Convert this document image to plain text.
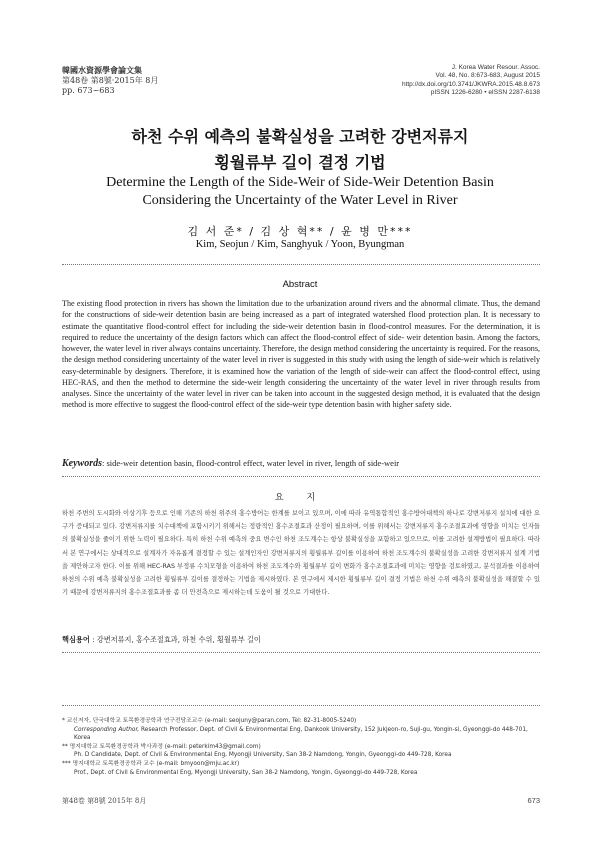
韓國水資源學會論文集
第48卷 第8號·2015年 8月
pp. 673~683
J. Korea Water Resour. Assoc.
Vol. 48, No. 8:673-683, August 2015
http://dx.doi.org/10.3741/JKWRA.2015.48.8.673
pISSN 1226-6280 • eISSN 2287-6138
하천 수위 예측의 불확실성을 고려한 강변저류지
횡월류부 길이 결정 기법
Determine the Length of the Side-Weir of Side-Weir Detention Basin
Considering the Uncertainty of the Water Level in River
김 서 준* / 김 상 혁** / 윤 병 만***
Kim, Seojun / Kim, Sanghyuk / Yoon, Byungman
Abstract
The existing flood protection in rivers has shown the limitation due to the urbanization around rivers and the abnormal climate. Thus, the demand for the constructions of side-weir detention basin are being increased as a part of integrated watershed flood protection plan. It is necessary to estimate the quantitative flood-control effect for including the side-weir detention basin in flood-control measures. For the determination, it is required to reduce the uncertainty of the design factors which can affect the flood-control effect of side- weir detention basin. Among the factors, however, the water level in river always contains uncertainty. Therefore, the design method considering the uncertainty is required. For the reasons, the design method considering uncertainty of the water level in river is suggested in this study with using the length of side-weir which is relatively easy-determinable by designers. Therefore, it is examined how the variation of the length of side-weir can affect the flood-control effect, using HEC-RAS, and then the method to determine the side-weir length considering the uncertainty of the water level in river through results from analyses. Since the uncertainty of the water level in river can be taken into account in the suggested design method, it is evaluated that the design method is more effective to suggest the flood-control effect of the side-weir type detention basin with higher safety side.
Keywords: side-weir detention basin, flood-control effect, water level in river, length of side-weir
요 지
하천 주변의 도시화와 이상기후 등으로 인해 기존의 하천 위주의 홍수방어는 한계를 보이고 있으며, 이에 따라 유역통합적인 홍수방어대책의 하나로 강변저류지 설치에 대한 요구가 증대되고 있다. 강변저류지를 치수대책에 포함시키기 위해서는 정량적인 홍수조절효과 산정이 필요하며, 이를 위해서는 강변저류지 홍수조절효과에 영향을 미치는 인자들의 불확실성을 줄이기 위한 노력이 필요하다. 특히 하천 수위 예측의 중요 변수인 하천 조도계수는 항상 불확실성을 포함하고 있으므로, 이를 고려한 설계방법이 필요하다. 따라서 본 연구에서는 상대적으로 설계자가 자유롭게 결정할 수 있는 설계인자인 강변저류지의 횡월류부 길이를 이용하여 하천 조도계수의 불확실성을 고려한 강변저류지 설계 기법을 제안하고자 한다. 이를 위해 HEC-RAS 부정류 수치모형을 이용하여 하천 조도계수와 횡월류부 길이 변화가 홍수조절효과에 미치는 영향을 검토하였고, 분석결과를 이용하여 하천의 수위 예측 불확실성을 고려한 횡월류부 길이를 결정하는 기법을 제시하였다. 본 연구에서 제시한 횡월류부 길이 결정 기법은 하천 수위 예측의 불확실성을 해결할 수 있기 때문에 강변저류지의 홍수조절효과를 좀 더 안전측으로 제시하는데 도움이 될 것으로 기대한다.
핵심용어 : 강변저류지, 홍수조절효과, 하천 수위, 횡월류부 길이
* 교신저자, 단국대학교 토목환경공학과 연구전담조교수 (e-mail: seojuny@paran.com, Tel: 82-31-8005-5240)
Corresponding Author, Research Professor, Dept. of Civil & Environmental Eng, Dankook University, 152 Jukjeon-ro, Suji-gu, Yongin-si, Gyeonggi-do 448-701, Korea
** 명지대학교 토목환경공학과 박사과정 (e-mail: peterkim43@gmail.com)
Ph. D Candidate, Dept. of Civil & Environmental Eng, Myongji University, San 38-2 Namdong, Yongin, Gyeonggi-do 449-728, Korea
*** 명지대학교 토목환경공학과 교수 (e-mail: bmyoon@mju.ac.kr)
Prof., Dept. of Civil & Environmental Eng, Myongji University, San 38-2 Namdong, Yongin, Gyeonggi-do 449-728, Korea
第48卷 第8號 2015年 8月	673
